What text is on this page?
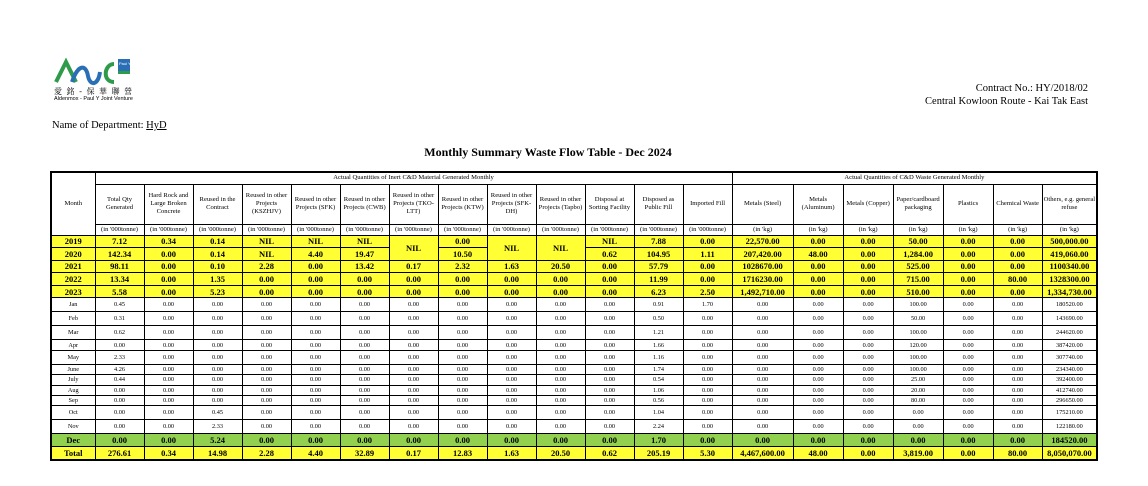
Paul Y
愛 銘 - 保 華 聯 營
Aldenmox - Paul Y Joint Venture
Contract No.: HY/2018/02
Central Kowloon Route - Kai Tak East
Name of Department: HyD
Monthly Summary Waste Flow Table - Dec 2024
Month	Actual Quantities of Inert C&D Material Generated Monthly													Actual Quantities of C&D Waste Generated Monthly						
	Total Qty Generated	Hard Rock and Large Broken Concrete	Reused in the Contract	Reused in other Projects (KSZHJV)	Reused in other Projects (SFK)	Reused in other Projects (CWB)	Reused in other Projects (TKO-LTT)	Reused in other Projects (KTW)	Reused in other Projects (SFK-DH)	Reused in other Projects (Tapbo)	Disposal at Sorting Facility	Disposed as Public Fill	Imported Fill	Metals (Steel)	Metals (Aluminum)	Metals (Copper)	Paper/cardboard packaging	Plastics	Chemical Waste	Others, e.g. general refuse
	(in '000tonne)	(in '000tonne)	(in '000tonne)	(in '000tonne)	(in '000tonne)	(in '000tonne)	(in '000tonne)	(in '000tonne)	(in '000tonne)	(in '000tonne)	(in '000tonne)	(in '000tonne)	(in '000tonne)	(in 'kg)	(in 'kg)	(in 'kg)	(in 'kg)	(in 'kg)	(in 'kg)	(in 'kg)
2019	7.12	0.34	0.14	NIL	NIL	NIL	NIL	0.00	NIL	NIL	NIL	7.88	0.00	22,570.00	0.00	0.00	50.00	0.00	0.00	500,000.00
2020	142.34	0.00	0.14	NIL	4.40	19.47		10.50			0.62	104.95	1.11	207,420.00	48.00	0.00	1,284.00	0.00	0.00	419,060.00
2021	98.11	0.00	0.10	2.28	0.00	13.42	0.17	2.32	1.63	20.50	0.00	57.79	0.00	1028670.00	0.00	0.00	525.00	0.00	0.00	1100340.00
2022	13.34	0.00	1.35	0.00	0.00	0.00	0.00	0.00	0.00	0.00	0.00	11.99	0.00	1716230.00	0.00	0.00	715.00	0.00	80.00	1328300.00
2023	5.58	0.00	5.23	0.00	0.00	0.00	0.00	0.00	0.00	0.00	0.00	6.23	2.50	1,492,710.00	0.00	0.00	510.00	0.00	0.00	1,334,730.00
Jan	0.45	0.00	0.00	0.00	0.00	0.00	0.00	0.00	0.00	0.00	0.00	0.91	1.70	0.00	0.00	0.00	100.00	0.00	0.00	180520.00
Feb	0.31	0.00	0.00	0.00	0.00	0.00	0.00	0.00	0.00	0.00	0.00	0.50	0.00	0.00	0.00	0.00	50.00	0.00	0.00	143690.00
Mar	0.62	0.00	0.00	0.00	0.00	0.00	0.00	0.00	0.00	0.00	0.00	1.21	0.00	0.00	0.00	0.00	100.00	0.00	0.00	244620.00
Apr	0.00	0.00	0.00	0.00	0.00	0.00	0.00	0.00	0.00	0.00	0.00	1.66	0.00	0.00	0.00	0.00	120.00	0.00	0.00	387420.00
May	2.33	0.00	0.00	0.00	0.00	0.00	0.00	0.00	0.00	0.00	0.00	1.16	0.00	0.00	0.00	0.00	100.00	0.00	0.00	307740.00
June	4.26	0.00	0.00	0.00	0.00	0.00	0.00	0.00	0.00	0.00	0.00	1.74	0.00	0.00	0.00	0.00	100.00	0.00	0.00	234340.00
July	0.44	0.00	0.00	0.00	0.00	0.00	0.00	0.00	0.00	0.00	0.00	0.54	0.00	0.00	0.00	0.00	25.00	0.00	0.00	392400.00
Aug	0.00	0.00	0.00	0.00	0.00	0.00	0.00	0.00	0.00	0.00	0.00	1.06	0.00	0.00	0.00	0.00	20.00	0.00	0.00	412740.00
Sep	0.00	0.00	0.00	0.00	0.00	0.00	0.00	0.00	0.00	0.00	0.00	0.56	0.00	0.00	0.00	0.00	80.00	0.00	0.00	296650.00
Oct	0.00	0.00	0.45	0.00	0.00	0.00	0.00	0.00	0.00	0.00	0.00	1.04	0.00	0.00	0.00	0.00	0.00	0.00	0.00	175210.00
Nov	0.00	0.00	2.33	0.00	0.00	0.00	0.00	0.00	0.00	0.00	0.00	2.24	0.00	0.00	0.00	0.00	0.00	0.00	0.00	122180.00
Dec	0.00	0.00	5.24	0.00	0.00	0.00	0.00	0.00	0.00	0.00	0.00	1.70	0.00	0.00	0.00	0.00	0.00	0.00	0.00	184520.00
Total	276.61	0.34	14.98	2.28	4.40	32.89	0.17	12.83	1.63	20.50	0.62	205.19	5.30	4,467,600.00	48.00	0.00	3,819.00	0.00	80.00	8,050,070.00
